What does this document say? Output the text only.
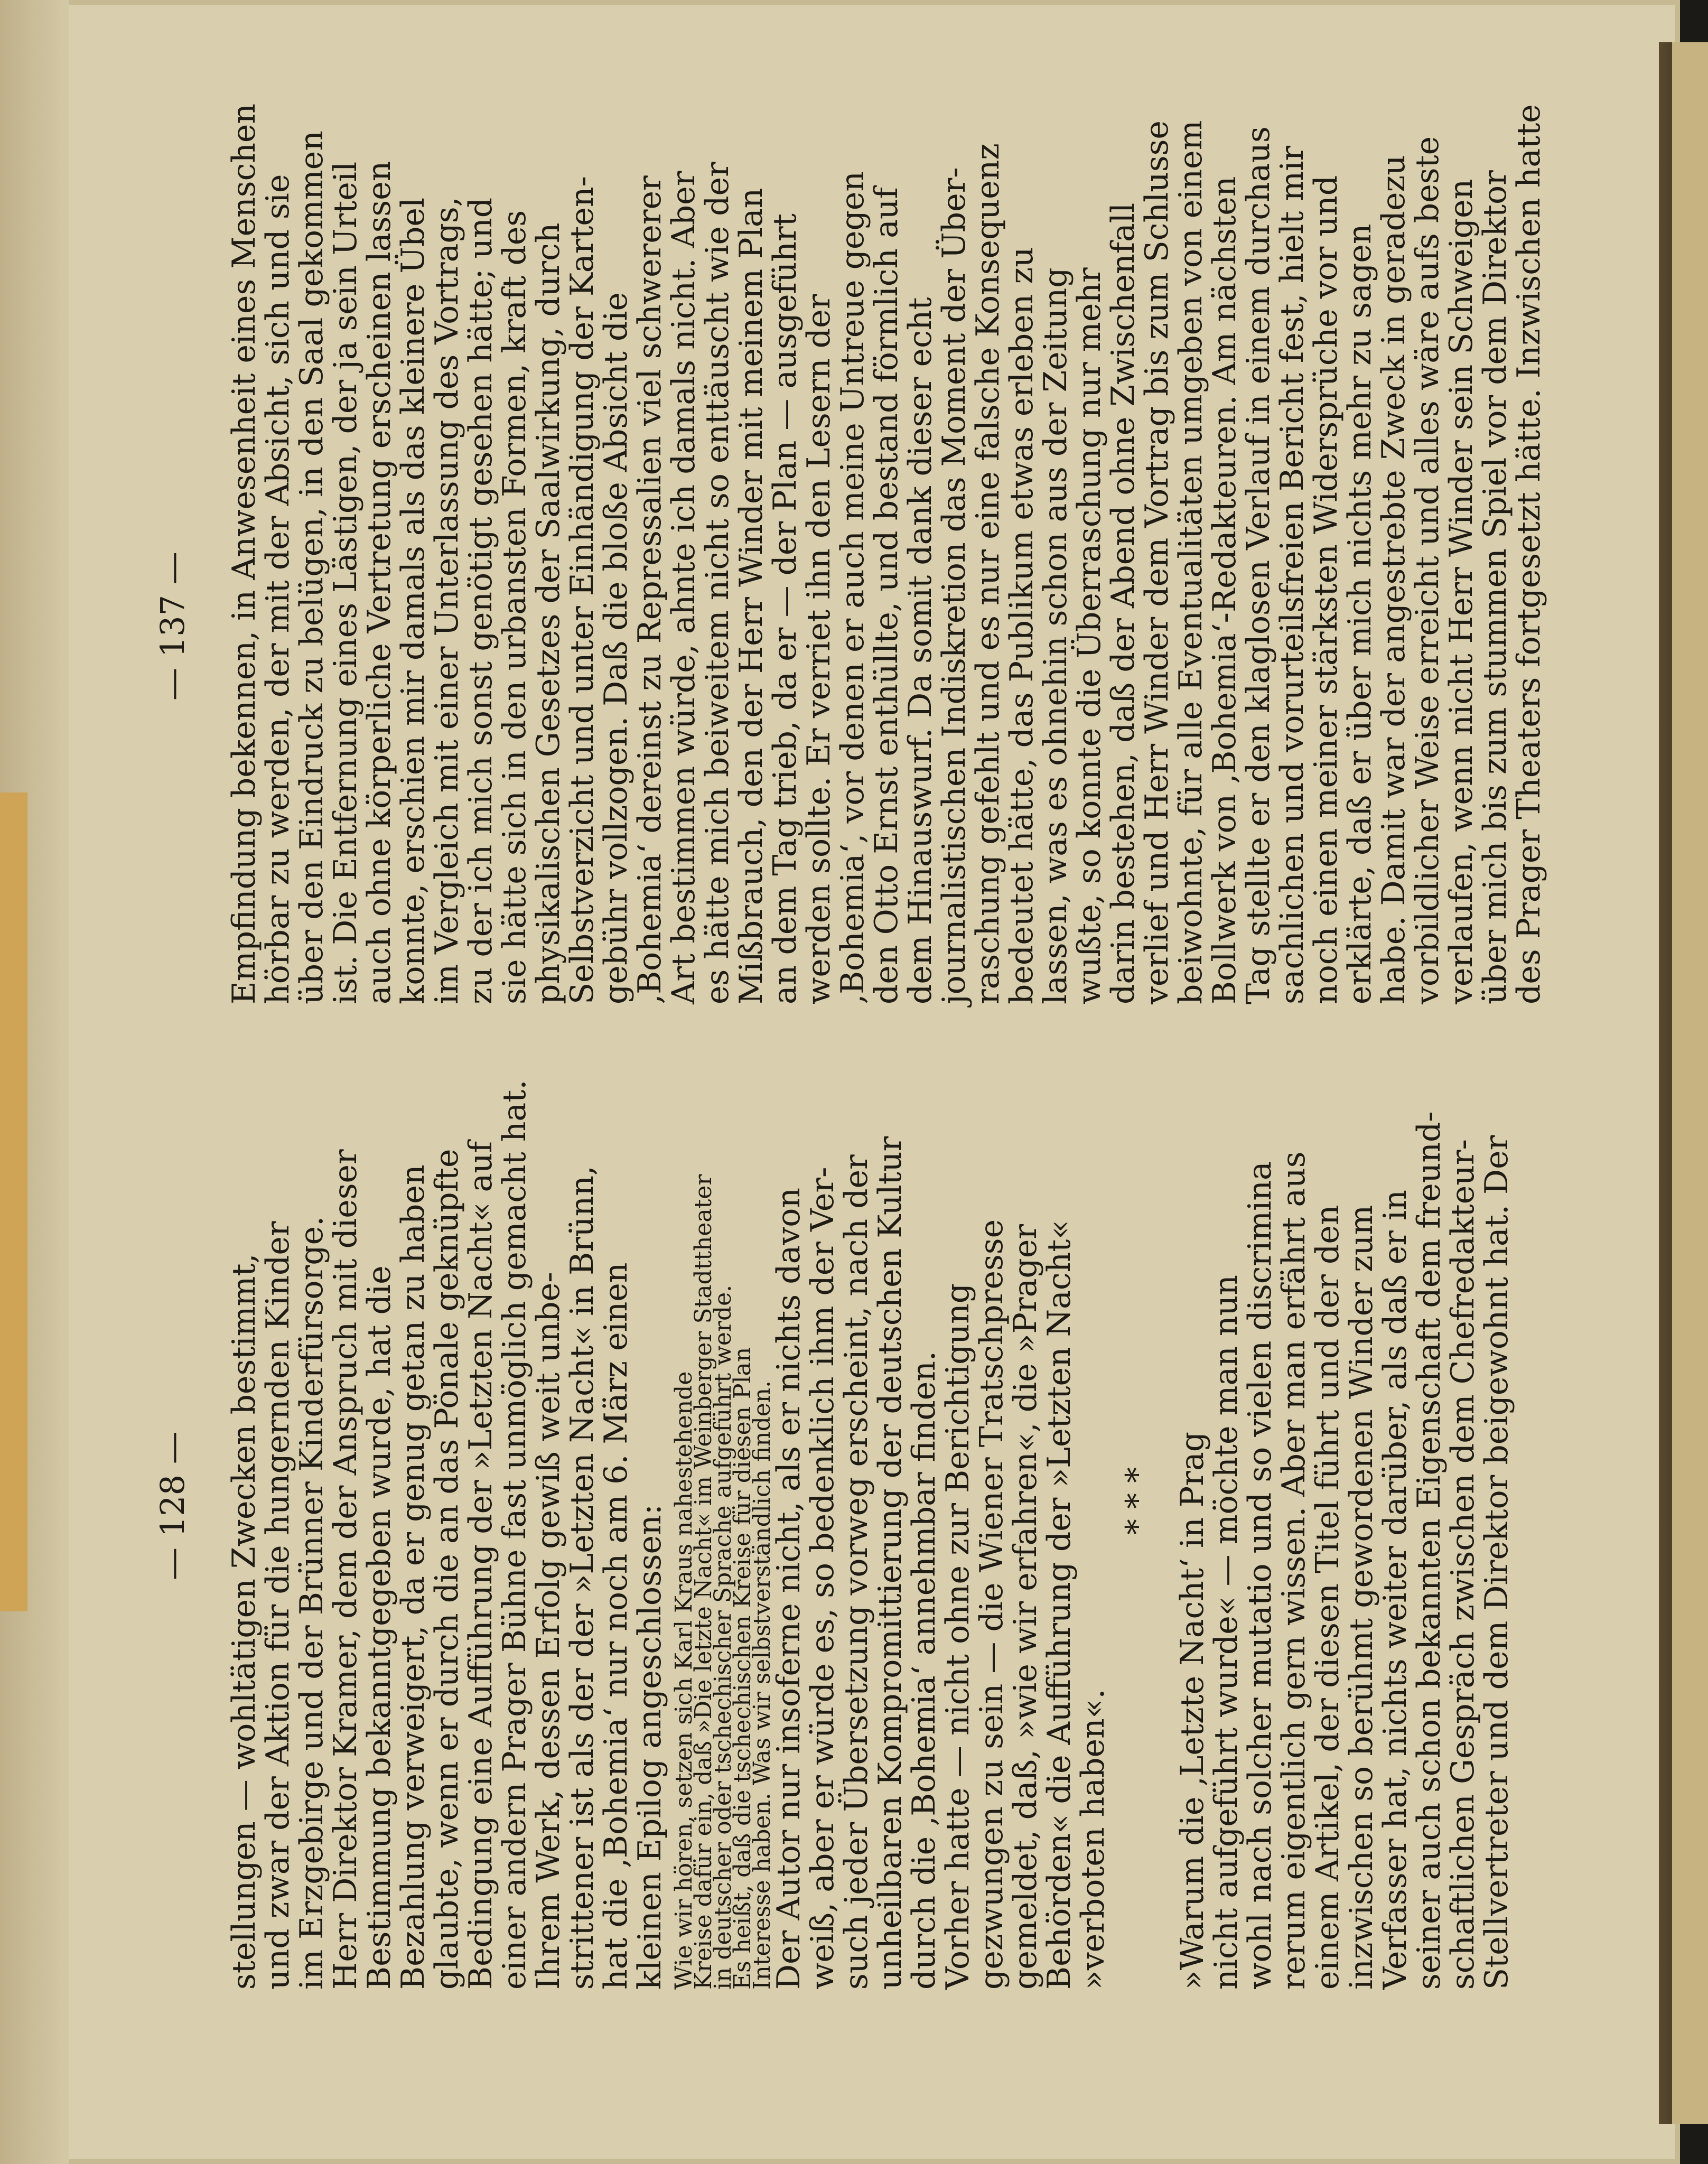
— 128 — stellungen — wohltätigen Zwecken bestimmt,
und zwar der Aktion für die hungernden Kinder
im Erzgebirge und der Brünner Kinderfürsorge.
Herr Direktor Kramer, dem der Anspruch mit dieser
Bestimmung bekanntgegeben wurde, hat die
Bezahlung verweigert, da er genug getan zu haben
glaubte, wenn er durch die an das Pönale geknüpfte
Bedingung eine Aufführung der »Letzten Nacht« auf
einer andern Prager Bühne fast unmöglich gemacht hat.
Ihrem Werk, dessen Erfolg gewiß weit unbe-
strittener ist als der der »Letzten Nacht« in Brünn,
hat die ‚Bohemia‘ nur noch am 6. März einen
kleinen Epilog angeschlossen: Wie wir hören, setzen sich Karl Kraus nahestehende
Kreise dafür ein, daß »Die letzte Nacht« im Weinberger Stadttheater
in deutscher oder tschechischer Sprache aufgeführt werde.
Es heißt, daß die tschechischen Kreise für diesen Plan
Interesse haben. Was wir selbstverständlich finden.
Der Autor nur insoferne nicht, als er nichts davon
weiß, aber er würde es, so bedenklich ihm der Ver-
such jeder Übersetzung vorweg erscheint, nach der
unheilbaren Kompromittierung der deutschen Kultur
durch die ‚Bohemia‘ annehmbar finden.
Vorher hatte — nicht ohne zur Berichtigung
gezwungen zu sein — die Wiener Tratschpresse
gemeldet, daß, »wie wir erfahren«, die »Prager
Behörden« die Aufführung der »Letzten Nacht«
»verboten haben«.
* * * »Warum die ‚Letzte Nacht‘ in Prag
nicht aufgeführt wurde« — möchte man nun
wohl nach solcher mutatio und so vielen discrimina
rerum eigentlich gern wissen. Aber man erfährt aus
einem Artikel, der diesen Titel führt und der den
inzwischen so berühmt gewordenen Winder zum
Verfasser hat, nichts weiter darüber, als daß er in
seiner auch schon bekannten Eigenschaft dem freund-
schaftlichen Gespräch zwischen dem Chefredakteur-
Stellvertreter und dem Direktor beigewohnt hat. Der
— 137 — Empfindung bekennen, in Anwesenheit eines Menschen
hörbar zu werden, der mit der Absicht, sich und sie
über den Eindruck zu belügen, in den Saal gekommen
ist. Die Entfernung eines Lästigen, der ja sein Urteil
auch ohne körperliche Vertretung erscheinen lassen
konnte, erschien mir damals als das kleinere Übel
im Vergleich mit einer Unterlassung des Vortrags,
zu der ich mich sonst genötigt gesehen hätte; und
sie hätte sich in den urbansten Formen, kraft des
physikalischen Gesetzes der Saalwirkung, durch
Selbstverzicht und unter Einhändigung der Karten-
gebühr vollzogen. Daß die bloße Absicht die
‚Bohemia‘ dereinst zu Repressalien viel schwererer
Art bestimmen würde, ahnte ich damals nicht. Aber
es hätte mich beiweitem nicht so enttäuscht wie der
Mißbrauch, den der Herr Winder mit meinem Plan
an dem Tag trieb, da er — der Plan — ausgeführt
werden sollte. Er verriet ihn den Lesern der
‚Bohemia‘, vor denen er auch meine Untreue gegen
den Otto Ernst enthüllte, und bestand förmlich auf
dem Hinauswurf. Da somit dank dieser echt
journalistischen Indiskretion das Moment der Über-
raschung gefehlt und es nur eine falsche Konsequenz
bedeutet hätte, das Publikum etwas erleben zu
lassen, was es ohnehin schon aus der Zeitung
wußte, so konnte die Überraschung nur mehr
darin bestehen, daß der Abend ohne Zwischenfall
verlief und Herr Winder dem Vortrag bis zum Schlusse
beiwohnte, für alle Eventualitäten umgeben von einem
Bollwerk von ‚Bohemia‘-Redakteuren. Am nächsten
Tag stellte er den klaglosen Verlauf in einem durchaus
sachlichen und vorurteilsfreien Bericht fest, hielt mir
noch einen meiner stärksten Widersprüche vor und
erklärte, daß er über mich nichts mehr zu sagen
habe. Damit war der angestrebte Zweck in geradezu
vorbildlicher Weise erreicht und alles wäre aufs beste
verlaufen, wenn nicht Herr Winder sein Schweigen
über mich bis zum stummen Spiel vor dem Direktor
des Prager Theaters fortgesetzt hätte. Inzwischen hatte
